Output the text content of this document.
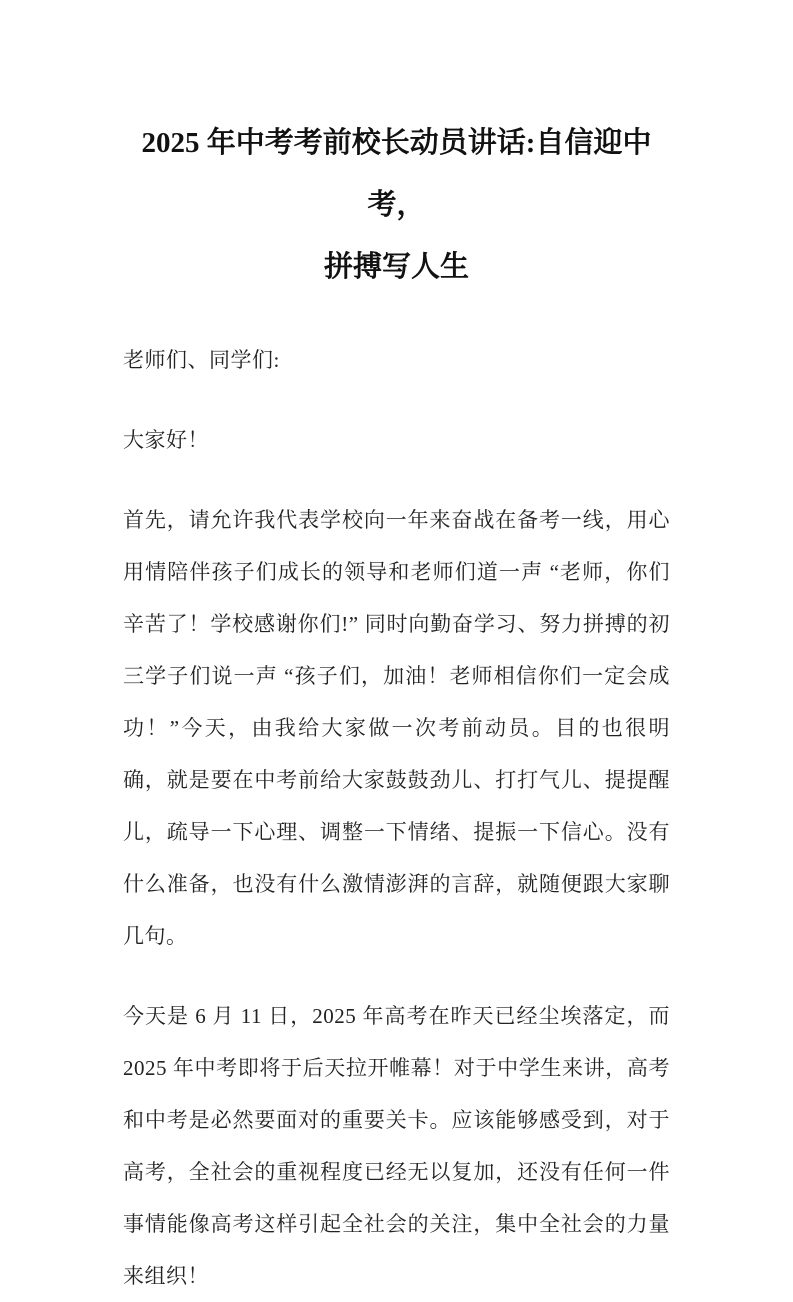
2025 年中考考前校长动员讲话:自信迎中考，
拼搏写人生

老师们、同学们:

大家好！

首先，请允许我代表学校向一年来奋战在备考一线，用心用情陪伴孩子们成长的领导和老师们道一声 “老师，你们辛苦了！学校感谢你们!” 同时向勤奋学习、努力拼搏的初三学子们说一声 “孩子们，加油！老师相信你们一定会成功！”今天，由我给大家做一次考前动员。目的也很明确，就是要在中考前给大家鼓鼓劲儿、打打气儿、提提醒儿，疏导一下心理、调整一下情绪、提振一下信心。没有什么准备，也没有什么激情澎湃的言辞，就随便跟大家聊几句。

今天是 6 月 11 日，2025 年高考在昨天已经尘埃落定，而 2025 年中考即将于后天拉开帷幕！对于中学生来讲，高考和中考是必然要面对的重要关卡。应该能够感受到，对于高考，全社会的重视程度已经无以复加，还没有任何一件事情能像高考这样引起全社会的关注，集中全社会的力量来组织！
